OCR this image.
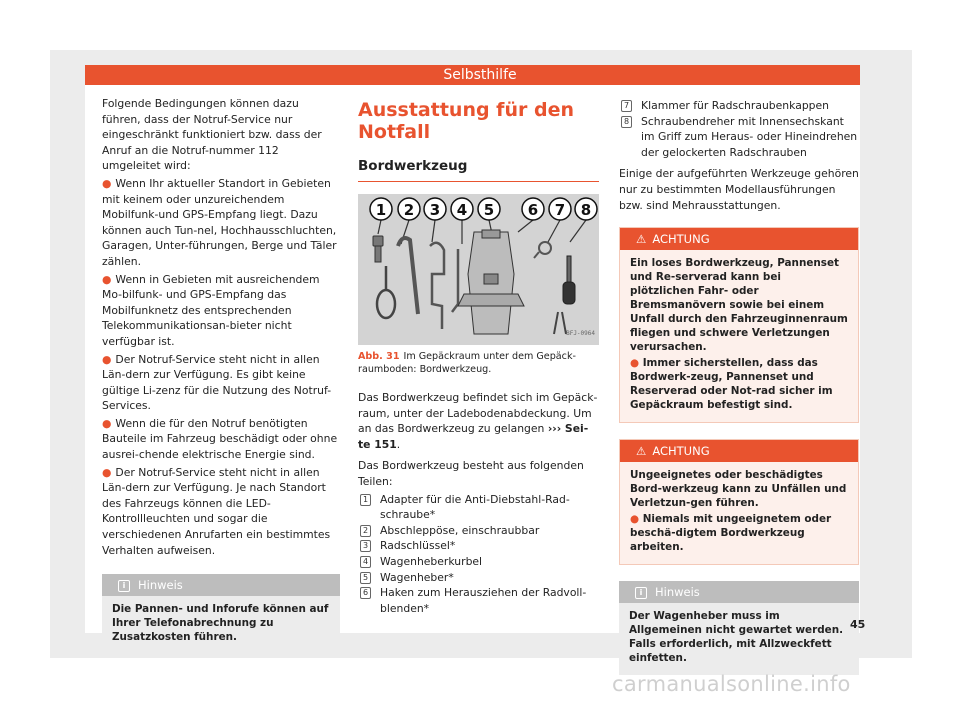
Selbsthilfe

Folgende Bedingungen können dazu führen, dass der Notruf-Service nur eingeschränkt funktioniert bzw. dass der Anruf an die Notruf-nummer 112 umgeleitet wird:

● Wenn Ihr aktueller Standort in Gebieten mit keinem oder unzureichendem Mobilfunk-und GPS-Empfang liegt. Dazu können auch Tun-nel, Hochhausschluchten, Garagen, Unter-führungen, Berge und Täler zählen.

● Wenn in Gebieten mit ausreichendem Mo-bilfunk- und GPS-Empfang das Mobilfunknetz des entsprechenden Telekommunikationsan-bieter nicht verfügbar ist.

● Der Notruf-Service steht nicht in allen Län-dern zur Verfügung. Es gibt keine gültige Li-zenz für die Nutzung des Notruf-Services.

● Wenn die für den Notruf benötigten Bauteile im Fahrzeug beschädigt oder ohne ausrei-chende elektrische Energie sind.

● Der Notruf-Service steht nicht in allen Län-dern zur Verfügung. Je nach Standort des Fahrzeugs können die LED-Kontrollleuchten und sogar die verschiedenen Anrufarten ein bestimmtes Verhalten aufweisen.

i Hinweis
Die Pannen- und Inforufe können auf Ihrer Telefonabrechnung zu Zusatzkosten führen.
Ausstattung für den Notfall
Bordwerkzeug
1 2 3 4 5 6 7 8
BFJ-0964

Abb. 31 Im Gepäckraum unter dem Gepäck-raumboden: Bordwerkzeug.

Das Bordwerkzeug befindet sich im Gepäck-raum, unter der Ladebodenabdeckung. Um an das Bordwerkzeug zu gelangen ››› Sei-te 151.

Das Bordwerkzeug besteht aus folgenden Teilen:

1 Adapter für die Anti-Diebstahl-Rad-schraube*
2 Abschleppöse, einschraubbar
3 Radschlüssel*
4 Wagenheberkurbel
5 Wagenheber*
6 Haken zum Herausziehen der Radvoll-blenden*
7 Klammer für Radschraubenkappen
8 Schraubendreher mit Innensechskant im Griff zum Heraus- oder Hineindrehen der gelockerten Radschrauben

Einige der aufgeführten Werkzeuge gehören nur zu bestimmten Modellausführungen bzw. sind Mehrausstattungen.

⚠ ACHTUNG

Ein loses Bordwerkzeug, Pannenset und Re-serverad kann bei plötzlichen Fahr- oder Bremsmanövern sowie bei einem Unfall durch den Fahrzeuginnenraum fliegen und schwere Verletzungen verursachen.

● Immer sicherstellen, dass das Bordwerk-zeug, Pannenset und Reserverad oder Not-rad sicher im Gepäckraum befestigt sind.

⚠ ACHTUNG

Ungeeignetes oder beschädigtes Bord-werkzeug kann zu Unfällen und Verletzun-gen führen.

● Niemals mit ungeeignetem oder beschä-digtem Bordwerkzeug arbeiten.

i Hinweis
Der Wagenheber muss im Allgemeinen nicht gewartet werden. Falls erforderlich, mit Allzweckfett einfetten.
45
carmanualsonline.info
